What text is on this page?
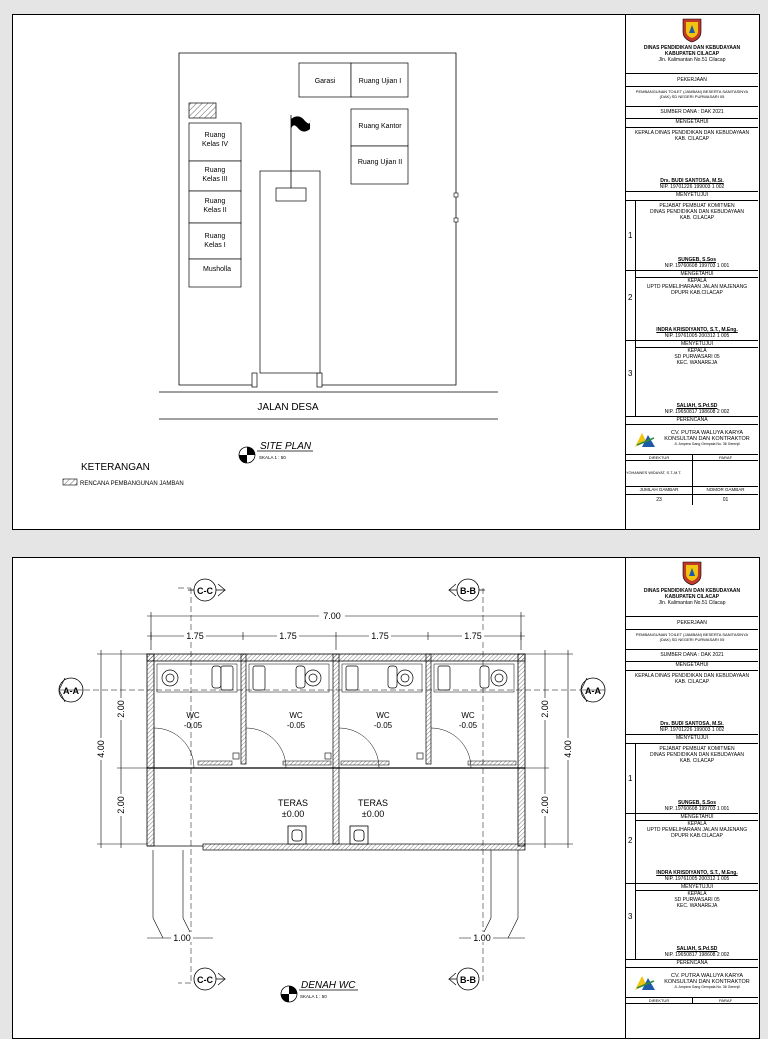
Garasi	Ruang Ujian I
Ruang Kantor
Ruang Ujian II
Ruang Kelas IV
Ruang Kelas III
Ruang Kelas II
Ruang Kelas I
Musholla
JALAN DESA
SITE PLAN
SKALA 1 : 50
KETERANGAN
RENCANA PEMBANGUNAN JAMBAN
DINAS PENDIDIKAN DAN KEBUDAYAAN
KABUPATEN CILACAP
Jln. Kalimantan No.51 Cilacap
PEKERJAAN
PEMBANGUNAN TOILET (JAMBAN) BESERTA SANITASINYA (DAK) SD NEGERI PURWASARI 05
SUMBER DANA : DAK 2021
MENGETAHUI
KEPALA DINAS PENDIDIKAN DAN KEBUDAYAAN KAB. CILACAP
Drs. BUDI SANTOSA, M.Si.
NIP. 19701226 199003 1 002
MENYETUJUI
1
PEJABAT PEMBUAT KOMITMEN
DINAS PENDIDIKAN DAN KEBUDAYAAN
KAB. CILACAP
SUNGEB, S.Sos
NIP. 19760608 199703 1 001
2
MENGETAHUI
KEPALA
UPTD PEMELIHARAAN JALAN MAJENANG
DPUPR KAB.CILACAP
INDRA KRISDIYANTO, S.T., M.Eng.
NIP. 19761005 200312 1 005
3
MENYETUJUI
KEPALA
SD PURWASARI 05
KEC. WANAREJA
SALIAH, S.Pd.SD
NIP. 19650817 198608 2 002
PERENCANA
CV. PUTRA WALUYA KARYA
KONSULTAN DAN KONTRAKTOR
Jl. Ampera Gang Gempala No. 36 Gerenjii
DIREKTUR	PARAF
YOHANNES WIDAYAT, S.T.,M.T.
JUMLAH GAMBAR	NOMOR GAMBAR
23	01
C-C	B-B
C-C	B-B
A-A	A-A
7.00
1.75	1.75	1.75	1.75
4.00
2.00
2.00
2.00
2.00
4.00
WC
-0.05
WC
-0.05
WC
-0.05
WC
-0.05
TERAS
±0.00
TERAS
±0.00
1.00	1.00
DENAH WC
SKALA 1 : 50
DINAS PENDIDIKAN DAN KEBUDAYAAN
KABUPATEN CILACAP
Jln. Kalimantan No.51 Cilacap
PEKERJAAN
PEMBANGUNAN TOILET (JAMBAN) BESERTA SANITASINYA (DAK) SD NEGERI PURWASARI 05
SUMBER DANA : DAK 2021
MENGETAHUI
KEPALA DINAS PENDIDIKAN DAN KEBUDAYAAN KAB. CILACAP
Drs. BUDI SANTOSA, M.Si.
NIP. 19701226 199003 1 002
MENYETUJUI
1
PEJABAT PEMBUAT KOMITMEN
DINAS PENDIDIKAN DAN KEBUDAYAAN
KAB. CILACAP
SUNGEB, S.Sos
NIP. 19760608 199703 1 001
2
MENGETAHUI
KEPALA
UPTD PEMELIHARAAN JALAN MAJENANG
DPUPR KAB.CILACAP
INDRA KRISDIYANTO, S.T., M.Eng.
NIP. 19761005 200312 1 005
3
MENYETUJUI
KEPALA
SD PURWASARI 05
KEC. WANAREJA
SALIAH, S.Pd.SD
NIP. 19650817 198608 2 002
PERENCANA
CV. PUTRA WALUYA KARYA
KONSULTAN DAN KONTRAKTOR
Jl. Ampera Gang Gempala No. 36 Gerenjii
DIREKTUR	PARAF
